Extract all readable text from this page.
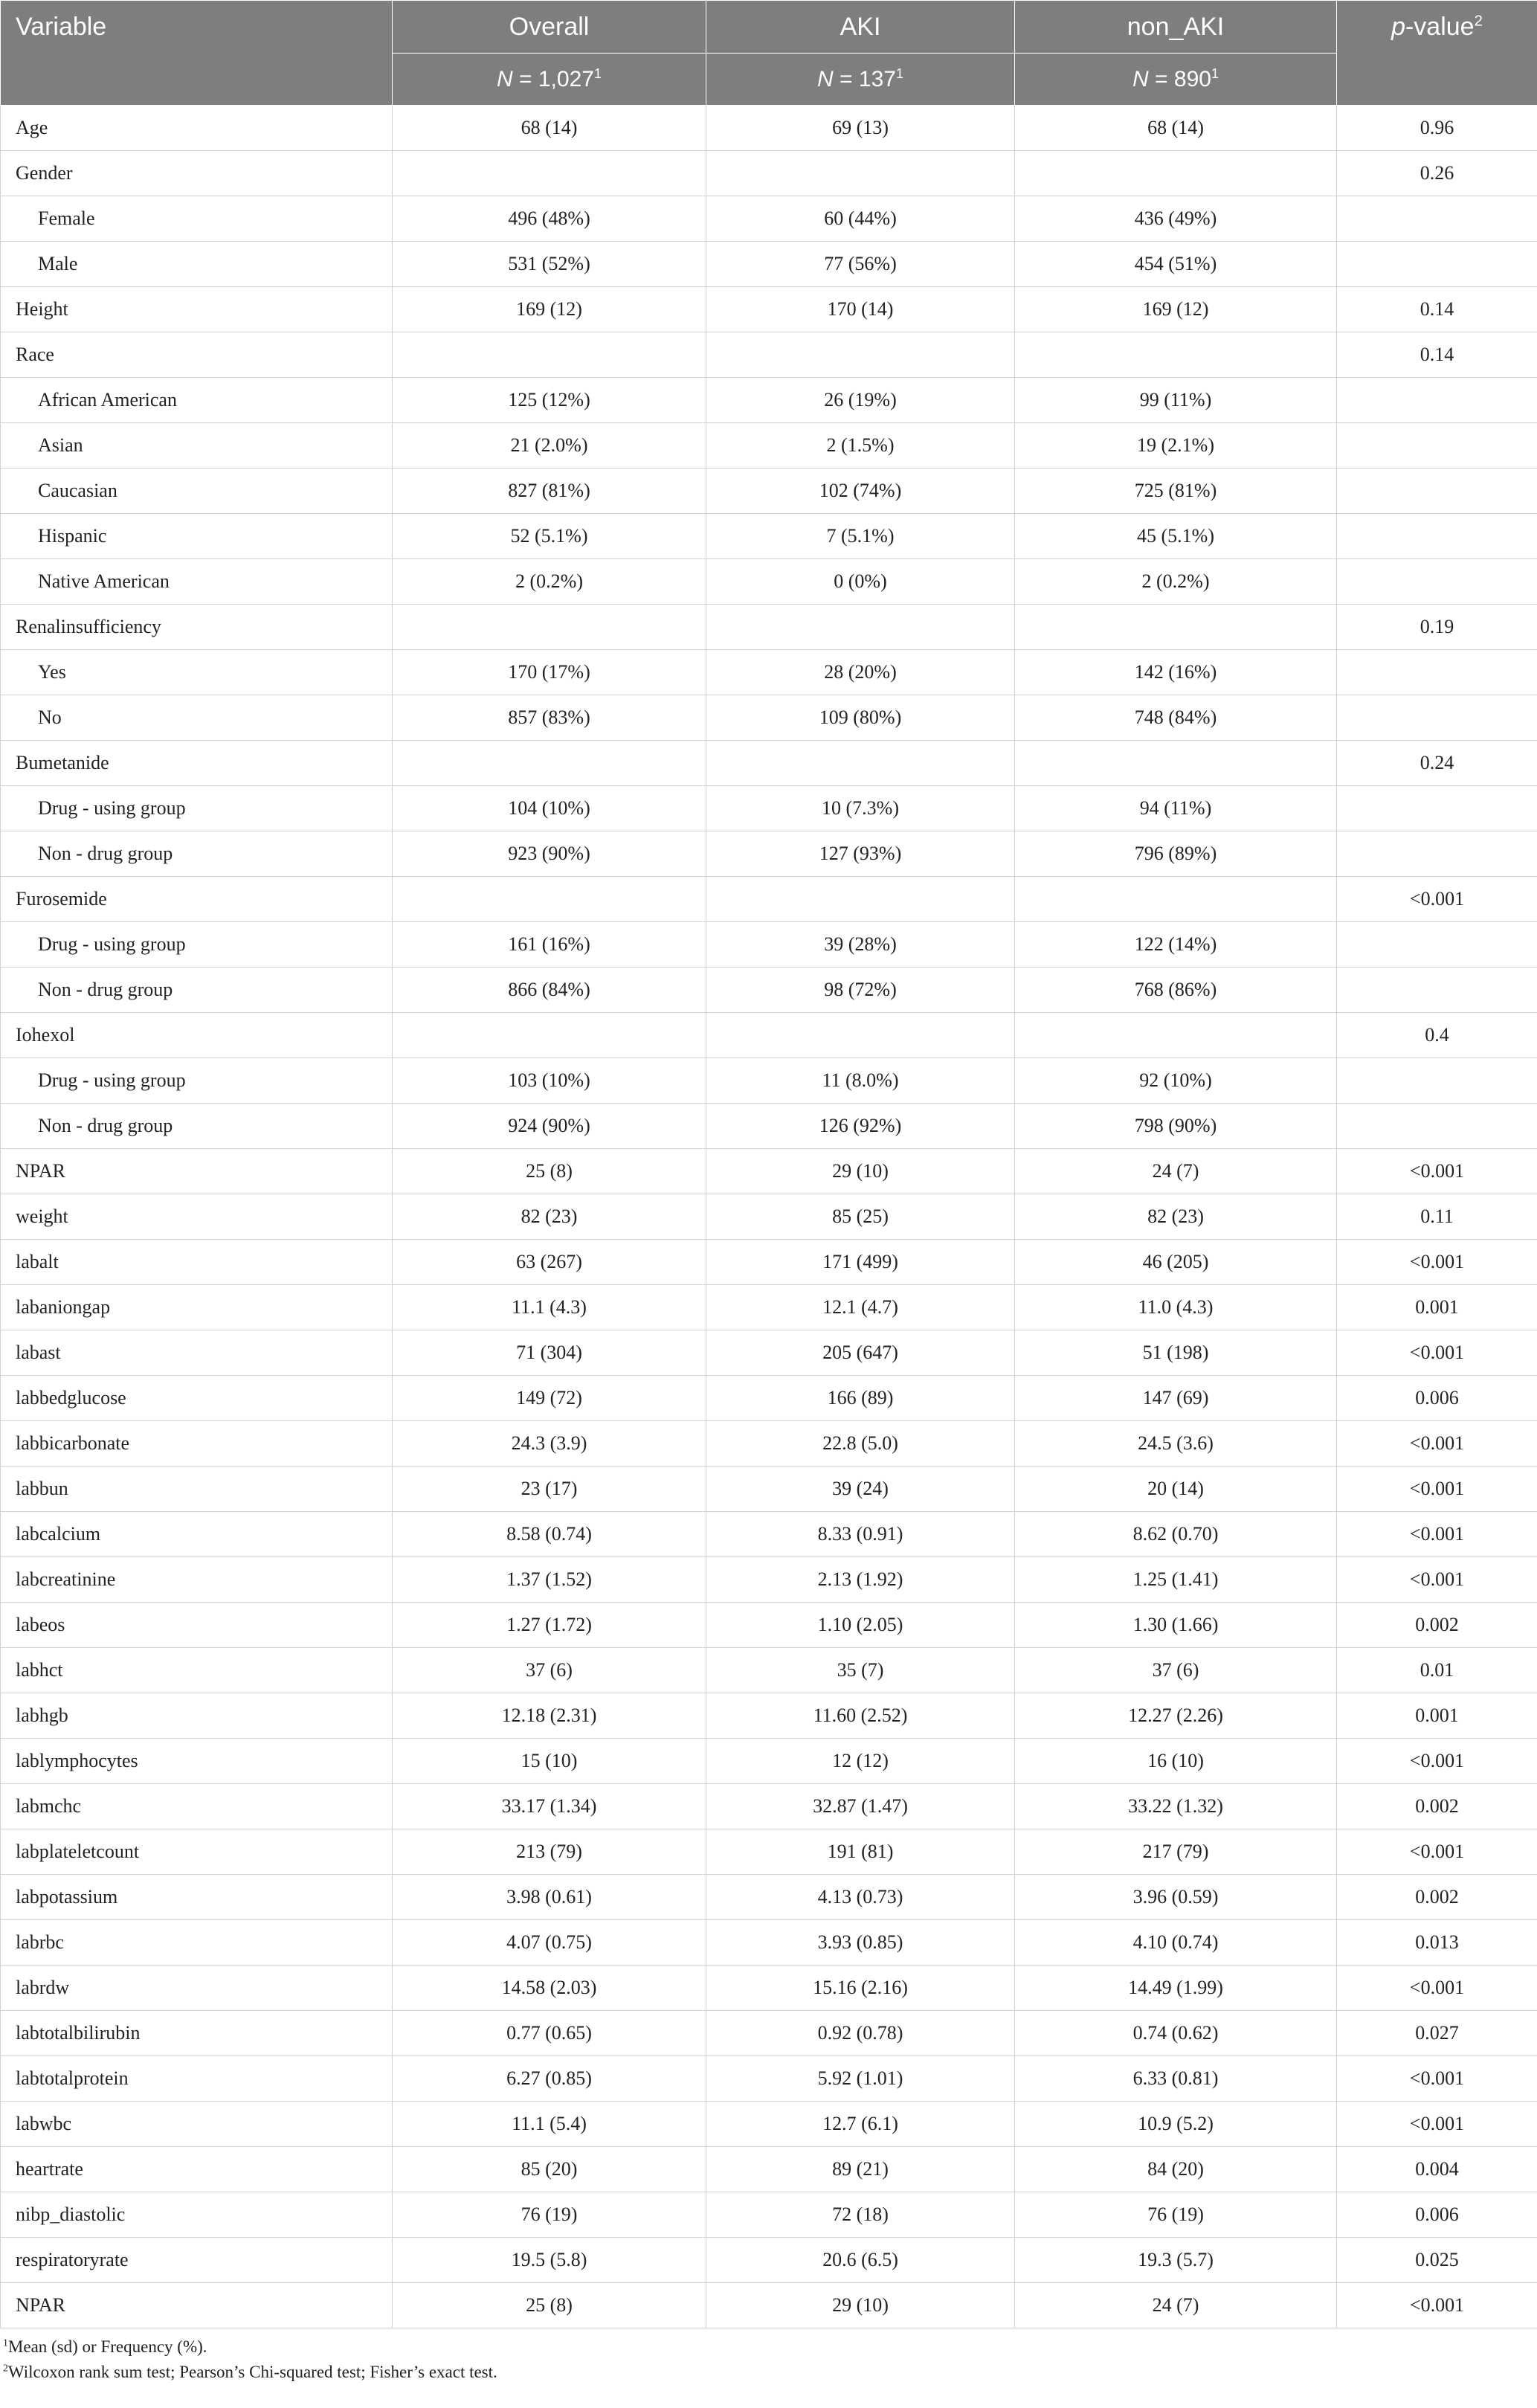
Variable	Overall	AKI	non_AKI	p-value$^2$
	$N = 1,027^1$	$N = 137^1$	$N = 890^1$
Age	68 (14)	69 (13)	68 (14)	0.96
Gender				0.26
Female	496 (48%)	60 (44%)	436 (49%)	
Male	531 (52%)	77 (56%)	454 (51%)	
Height	169 (12)	170 (14)	169 (12)	0.14
Race				0.14
African American	125 (12%)	26 (19%)	99 (11%)	
Asian	21 (2.0%)	2 (1.5%)	19 (2.1%)	
Caucasian	827 (81%)	102 (74%)	725 (81%)	
Hispanic	52 (5.1%)	7 (5.1%)	45 (5.1%)	
Native American	2 (0.2%)	0 (0%)	2 (0.2%)	
Renalinsufficiency				0.19
Yes	170 (17%)	28 (20%)	142 (16%)	
No	857 (83%)	109 (80%)	748 (84%)	
Bumetanide				0.24
Drug - using group	104 (10%)	10 (7.3%)	94 (11%)	
Non - drug group	923 (90%)	127 (93%)	796 (89%)	
Furosemide				<0.001
Drug - using group	161 (16%)	39 (28%)	122 (14%)	
Non - drug group	866 (84%)	98 (72%)	768 (86%)	
Iohexol				0.4
Drug - using group	103 (10%)	11 (8.0%)	92 (10%)	
Non - drug group	924 (90%)	126 (92%)	798 (90%)	
NPAR	25 (8)	29 (10)	24 (7)	<0.001
weight	82 (23)	85 (25)	82 (23)	0.11
labalt	63 (267)	171 (499)	46 (205)	<0.001
labaniongap	11.1 (4.3)	12.1 (4.7)	11.0 (4.3)	0.001
labast	71 (304)	205 (647)	51 (198)	<0.001
labbedglucose	149 (72)	166 (89)	147 (69)	0.006
labbicarbonate	24.3 (3.9)	22.8 (5.0)	24.5 (3.6)	<0.001
labbun	23 (17)	39 (24)	20 (14)	<0.001
labcalcium	8.58 (0.74)	8.33 (0.91)	8.62 (0.70)	<0.001
labcreatinine	1.37 (1.52)	2.13 (1.92)	1.25 (1.41)	<0.001
labeos	1.27 (1.72)	1.10 (2.05)	1.30 (1.66)	0.002
labhct	37 (6)	35 (7)	37 (6)	0.01
labhgb	12.18 (2.31)	11.60 (2.52)	12.27 (2.26)	0.001
lablymphocytes	15 (10)	12 (12)	16 (10)	<0.001
labmchc	33.17 (1.34)	32.87 (1.47)	33.22 (1.32)	0.002
labplateletcount	213 (79)	191 (81)	217 (79)	<0.001
labpotassium	3.98 (0.61)	4.13 (0.73)	3.96 (0.59)	0.002
labrbc	4.07 (0.75)	3.93 (0.85)	4.10 (0.74)	0.013
labrdw	14.58 (2.03)	15.16 (2.16)	14.49 (1.99)	<0.001
labtotalbilirubin	0.77 (0.65)	0.92 (0.78)	0.74 (0.62)	0.027
labtotalprotein	6.27 (0.85)	5.92 (1.01)	6.33 (0.81)	<0.001
labwbc	11.1 (5.4)	12.7 (6.1)	10.9 (5.2)	<0.001
heartrate	85 (20)	89 (21)	84 (20)	0.004
nibp_diastolic	76 (19)	72 (18)	76 (19)	0.006
respiratoryrate	19.5 (5.8)	20.6 (6.5)	19.3 (5.7)	0.025
NPAR	25 (8)	29 (10)	24 (7)	<0.001
$^1$Mean (sd) or Frequency (%).
$^2$Wilcoxon rank sum test; Pearson’s Chi-squared test; Fisher’s exact test.
